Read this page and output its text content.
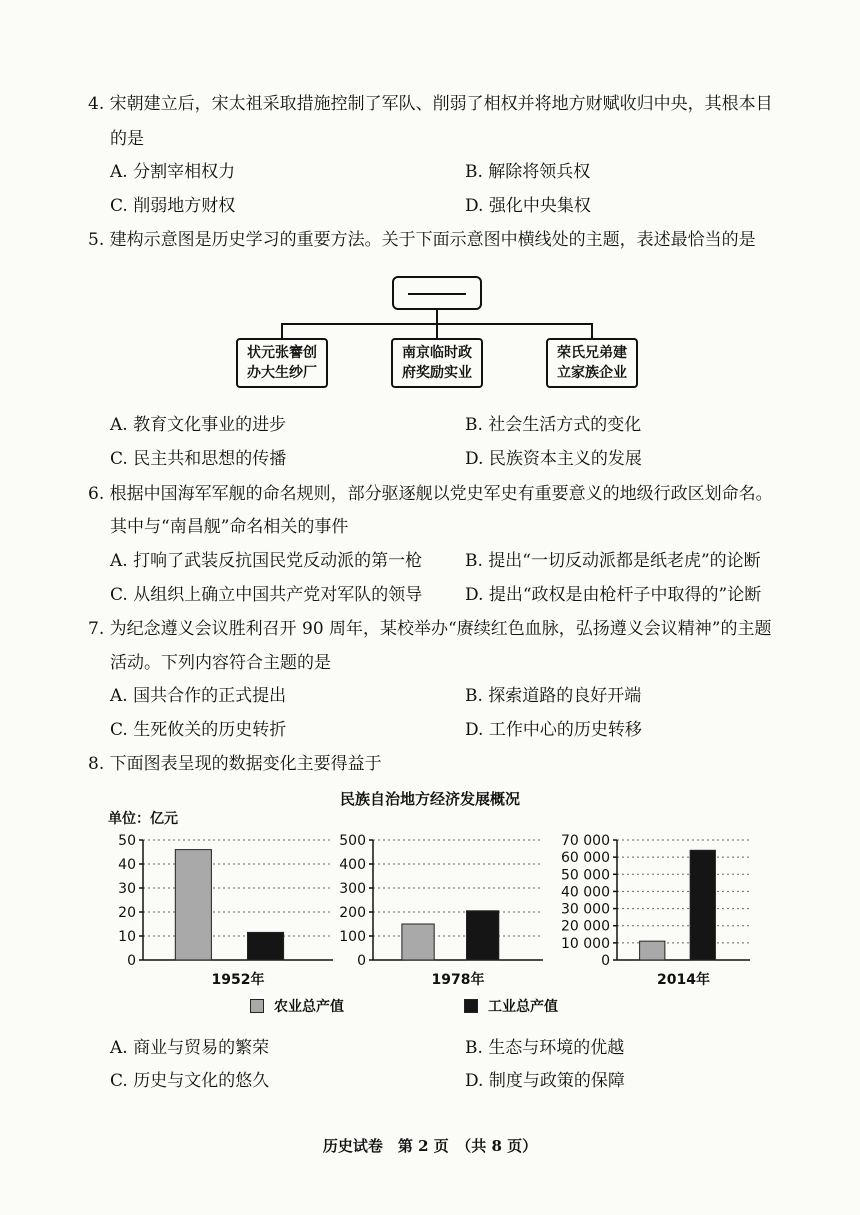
4. 宋朝建立后，宋太祖采取措施控制了军队、削弱了相权并将地方财赋收归中央，其根本目
的是
A. 分割宰相权力	B. 解除将领兵权
C. 削弱地方财权	D. 强化中央集权
5. 建构示意图是历史学习的重要方法。关于下面示意图中横线处的主题，表述最恰当的是
状元张謇创
办大生纱厂
南京临时政
府奖励实业
荣氏兄弟建
立家族企业
A. 教育文化事业的进步	B. 社会生活方式的变化
C. 民主共和思想的传播	D. 民族资本主义的发展
6. 根据中国海军军舰的命名规则，部分驱逐舰以党史军史有重要意义的地级行政区划命名。
其中与“南昌舰”命名相关的事件
A. 打响了武装反抗国民党反动派的第一枪	B. 提出“一切反动派都是纸老虎”的论断
C. 从组织上确立中国共产党对军队的领导	D. 提出“政权是由枪杆子中取得的”论断
7. 为纪念遵义会议胜利召开 90 周年，某校举办“赓续红色血脉，弘扬遵义会议精神”的主题
活动。下列内容符合主题的是
A. 国共合作的正式提出	B. 探索道路的良好开端
C. 生死攸关的历史转折	D. 工作中心的历史转移
8. 下面图表呈现的数据变化主要得益于
民族自治地方经济发展概况
单位：亿元
0
10
20
30
40
50
1952年
0
100
200
300
400
500
1978年
0
10 000
20 000
30 000
40 000
50 000
60 000
70 000
2014年
农业总产值	工业总产值
A. 商业与贸易的繁荣	B. 生态与环境的优越
C. 历史与文化的悠久	D. 制度与政策的保障
历史试卷　第 2 页　（共 8 页）
